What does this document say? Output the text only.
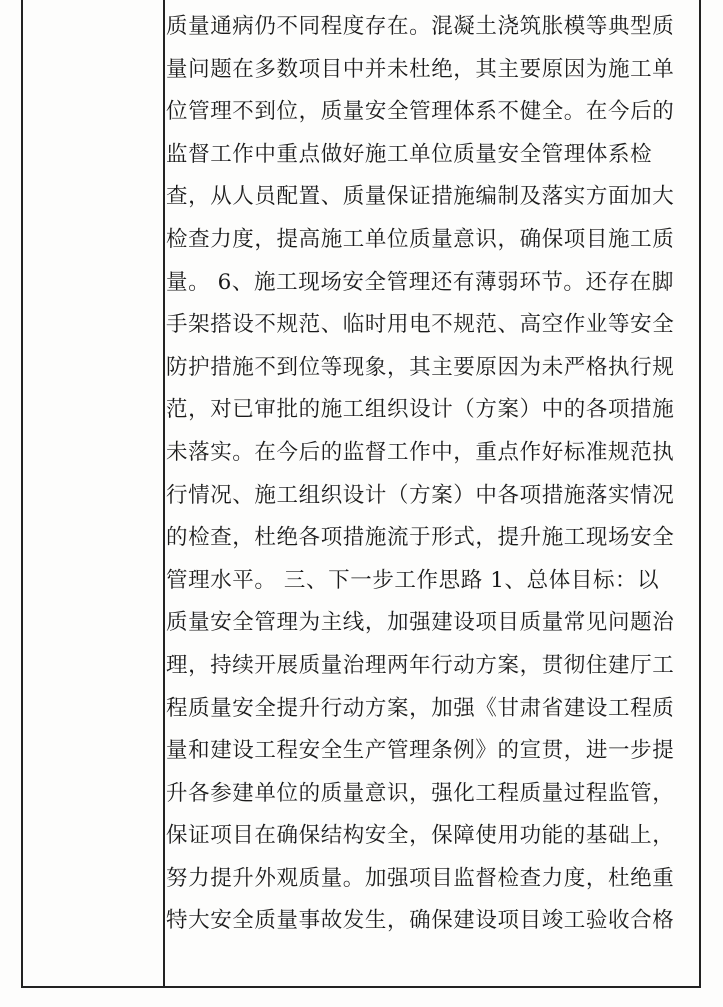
质量通病仍不同程度存在。混凝土浇筑胀模等典型质
量问题在多数项目中并未杜绝，其主要原因为施工单
位管理不到位，质量安全管理体系不健全。在今后的
监督工作中重点做好施工单位质量安全管理体系检
查，从人员配置、质量保证措施编制及落实方面加大
检查力度，提高施工单位质量意识，确保项目施工质
量。 6、施工现场安全管理还有薄弱环节。还存在脚
手架搭设不规范、临时用电不规范、高空作业等安全
防护措施不到位等现象，其主要原因为未严格执行规
范，对已审批的施工组织设计（方案）中的各项措施
未落实。在今后的监督工作中，重点作好标准规范执
行情况、施工组织设计（方案）中各项措施落实情况
的检查，杜绝各项措施流于形式，提升施工现场安全
管理水平。 三、下一步工作思路 1、总体目标：以
质量安全管理为主线，加强建设项目质量常见问题治
理，持续开展质量治理两年行动方案，贯彻住建厅工
程质量安全提升行动方案，加强《甘肃省建设工程质
量和建设工程安全生产管理条例》的宣贯，进一步提
升各参建单位的质量意识，强化工程质量过程监管，
保证项目在确保结构安全，保障使用功能的基础上，
努力提升外观质量。加强项目监督检查力度，杜绝重
特大安全质量事故发生，确保建设项目竣工验收合格
